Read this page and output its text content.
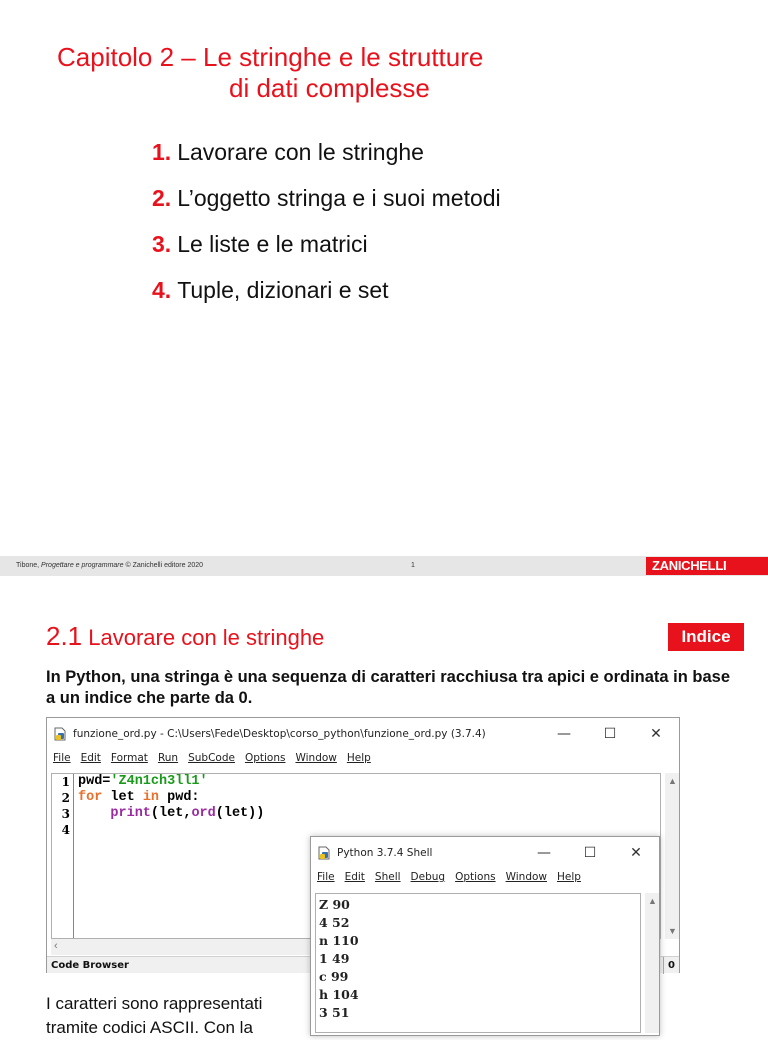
Capitolo 2 – Le stringhe e le strutture
di dati complesse
1. Lavorare con le stringhe
2. L’oggetto stringa e i suoi metodi
3. Le liste e le matrici
4. Tuple, dizionari e set
Tibone, Progettare e programmare © Zanichelli editore 2020	1	ZANICHELLI
2.1 Lavorare con le stringhe	Indice
In Python, una stringa è una sequenza di caratteri racchiusa tra apici e ordinata in base a un indice che parte da 0.
funzione_ord.py - C:\Users\Fede\Desktop\corso_python\funzione_ord.py (3.7.4)	— ☐ ✕
File Edit Format Run SubCode Options Window Help
1
2
3
4
pwd='Z4n1ch3ll1'
for let in pwd:
print(let,ord(let))
▲
▼
‹
Code Browser	0
Python 3.7.4 Shell	— ☐ ✕
File Edit Shell Debug Options Window Help
Z 90
4 52
n 110
1 49
c 99
h 104
3 51
▲
I caratteri sono rappresentati tramite codici ASCII. Con la
